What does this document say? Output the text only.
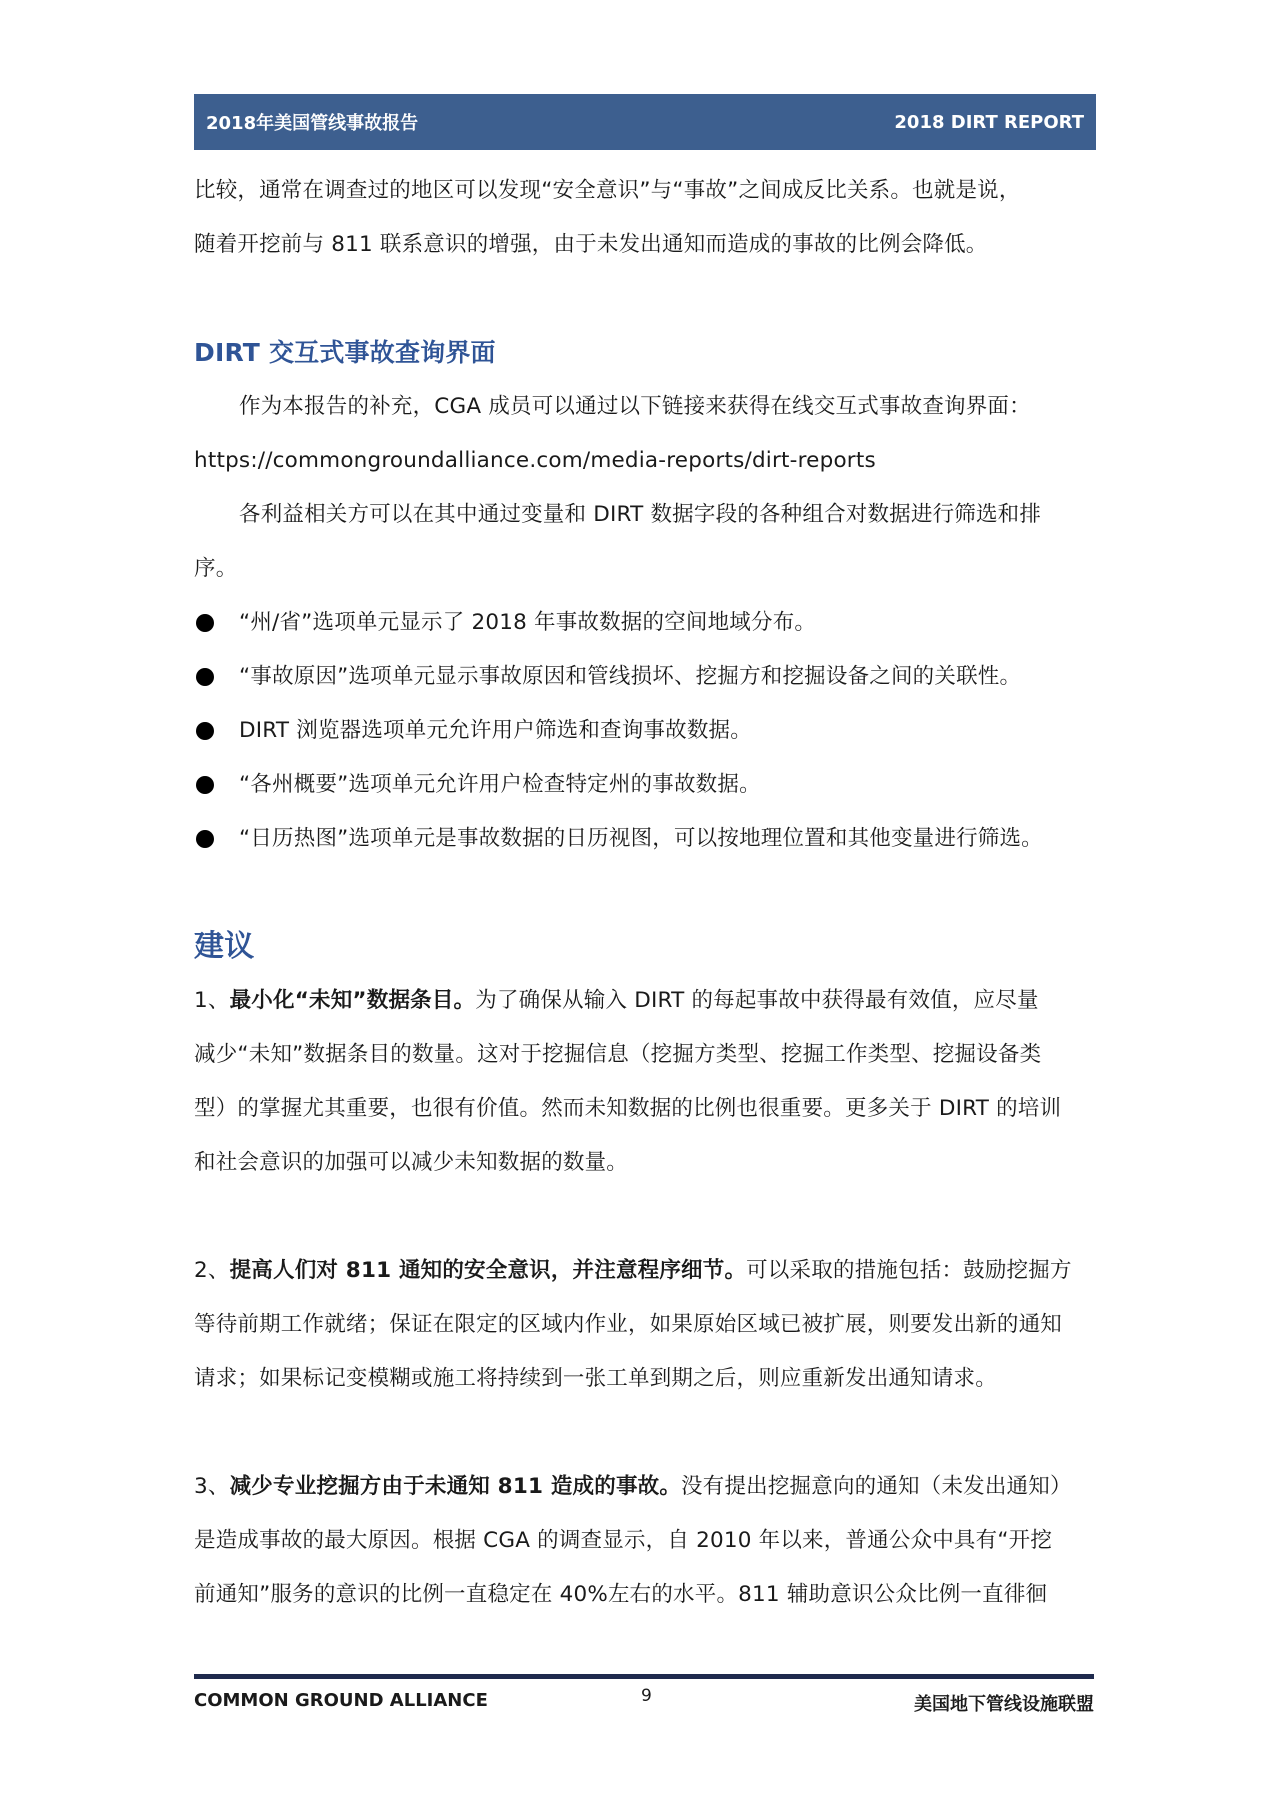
2018年美国管线事故报告	2018 DIRT REPORT

比较，通常在调查过的地区可以发现“安全意识”与“事故”之间成反比关系。也就是说，

随着开挖前与 811 联系意识的增强，由于未发出通知而造成的事故的比例会降低。

DIRT 交互式事故查询界面

作为本报告的补充，CGA 成员可以通过以下链接来获得在线交互式事故查询界面：

https://commongroundalliance.com/media-reports/dirt-reports

各利益相关方可以在其中通过变量和 DIRT 数据字段的各种组合对数据进行筛选和排

序。

“州/省”选项单元显示了 2018 年事故数据的空间地域分布。
“事故原因”选项单元显示事故原因和管线损坏、挖掘方和挖掘设备之间的关联性。
DIRT 浏览器选项单元允许用户筛选和查询事故数据。
“各州概要”选项单元允许用户检查特定州的事故数据。
“日历热图”选项单元是事故数据的日历视图，可以按地理位置和其他变量进行筛选。
建议

1、最小化“未知”数据条目。为了确保从输入 DIRT 的每起事故中获得最有效值，应尽量

减少“未知”数据条目的数量。这对于挖掘信息（挖掘方类型、挖掘工作类型、挖掘设备类

型）的掌握尤其重要，也很有价值。然而未知数据的比例也很重要。更多关于 DIRT 的培训

和社会意识的加强可以减少未知数据的数量。

2、提高人们对 811 通知的安全意识，并注意程序细节。可以采取的措施包括：鼓励挖掘方

等待前期工作就绪；保证在限定的区域内作业，如果原始区域已被扩展，则要发出新的通知

请求；如果标记变模糊或施工将持续到一张工单到期之后，则应重新发出通知请求。

3、减少专业挖掘方由于未通知 811 造成的事故。没有提出挖掘意向的通知（未发出通知）

是造成事故的最大原因。根据 CGA 的调查显示，自 2010 年以来，普通公众中具有“开挖

前通知”服务的意识的比例一直稳定在 40%左右的水平。811 辅助意识公众比例一直徘徊

COMMON GROUND ALLIANCE	9	美国地下管线设施联盟
